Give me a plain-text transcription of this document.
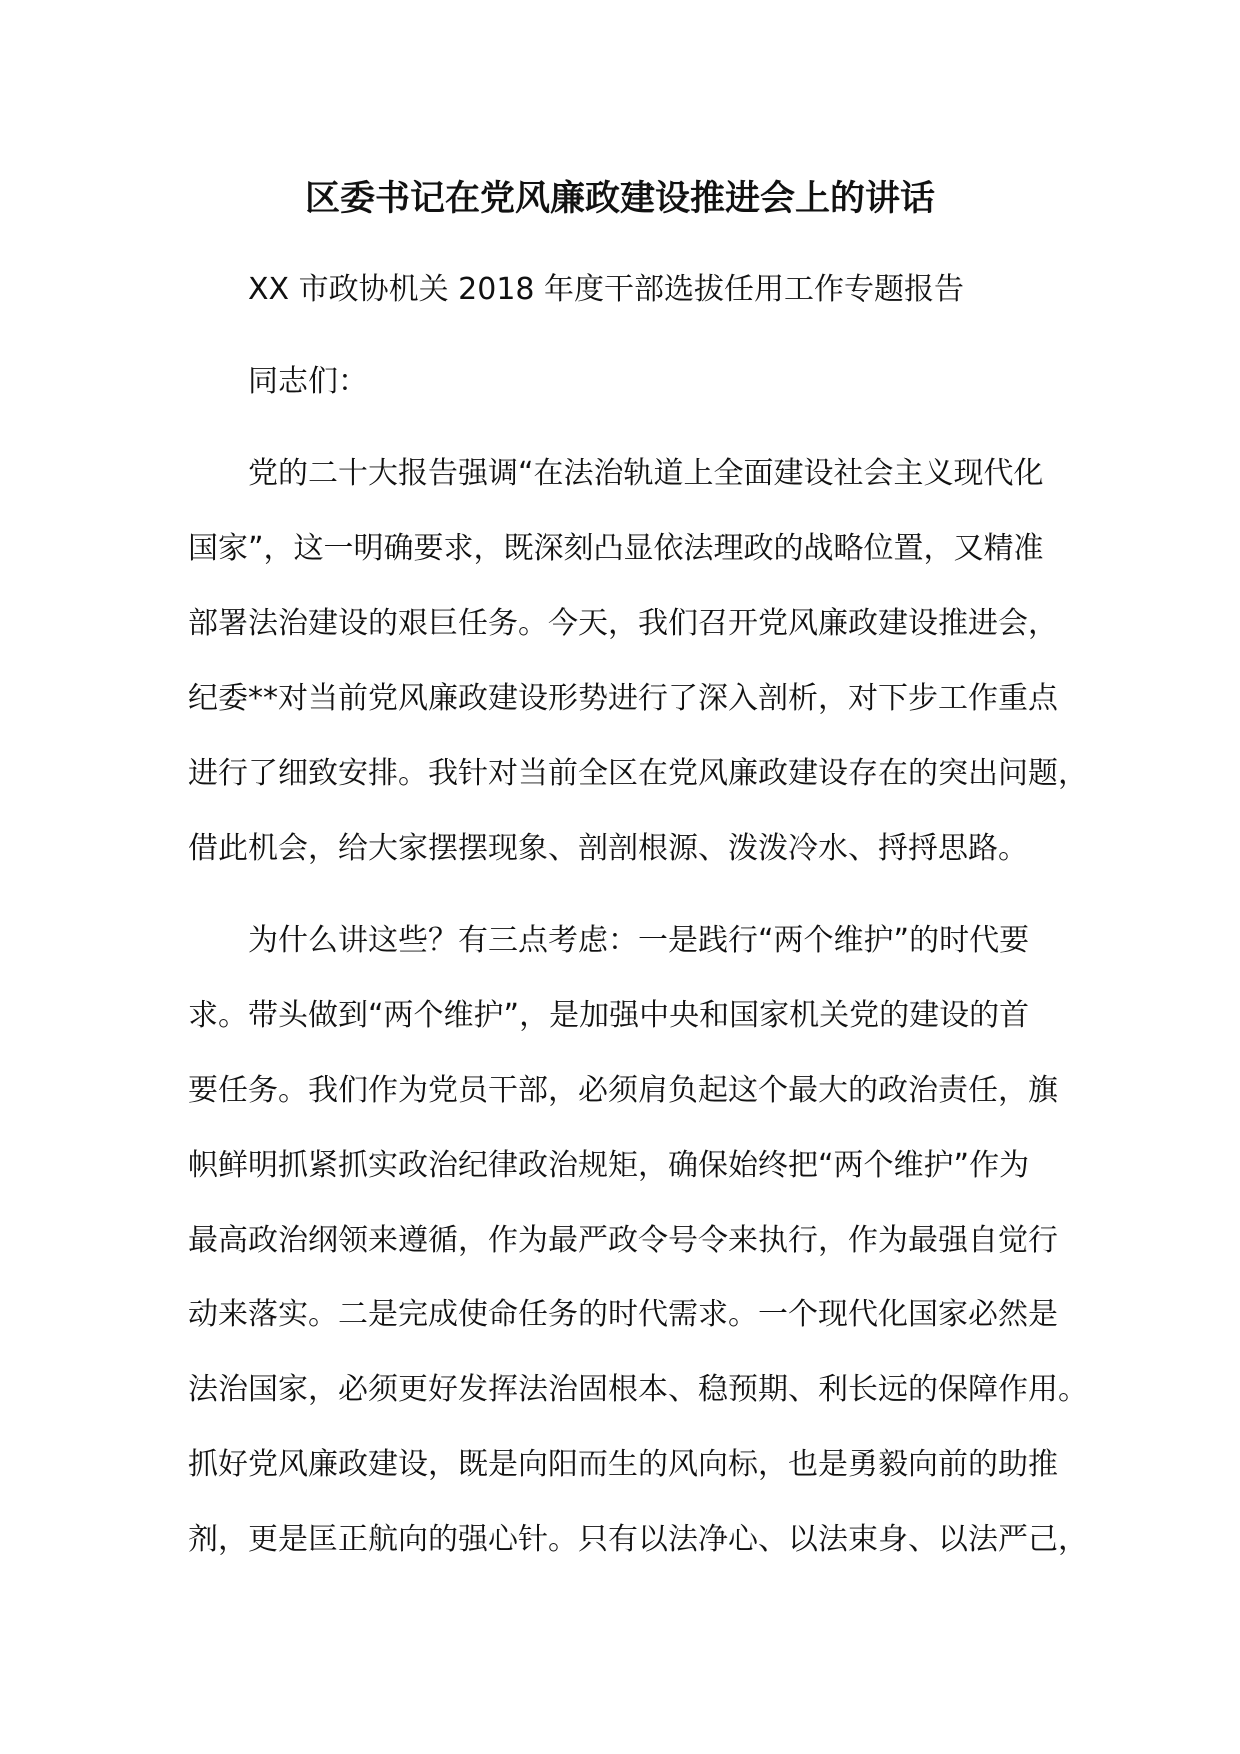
区委书记在党风廉政建设推进会上的讲话
XX 市政协机关 2018 年度干部选拔任用工作专题报告
同志们：
党的二十大报告强调“在法治轨道上全面建设社会主义现代化
国家”，这一明确要求，既深刻凸显依法理政的战略位置，又精准
部署法治建设的艰巨任务。今天，我们召开党风廉政建设推进会，
纪委**对当前党风廉政建设形势进行了深入剖析，对下步工作重点
进行了细致安排。我针对当前全区在党风廉政建设存在的突出问题，
借此机会，给大家摆摆现象、剖剖根源、泼泼冷水、捋捋思路。
为什么讲这些？有三点考虑：一是践行“两个维护”的时代要
求。带头做到“两个维护”，是加强中央和国家机关党的建设的首
要任务。我们作为党员干部，必须肩负起这个最大的政治责任，旗
帜鲜明抓紧抓实政治纪律政治规矩，确保始终把“两个维护”作为
最高政治纲领来遵循，作为最严政令号令来执行，作为最强自觉行
动来落实。二是完成使命任务的时代需求。一个现代化国家必然是
法治国家，必须更好发挥法治固根本、稳预期、利长远的保障作用。
抓好党风廉政建设，既是向阳而生的风向标，也是勇毅向前的助推
剂，更是匡正航向的强心针。只有以法净心、以法束身、以法严己，
